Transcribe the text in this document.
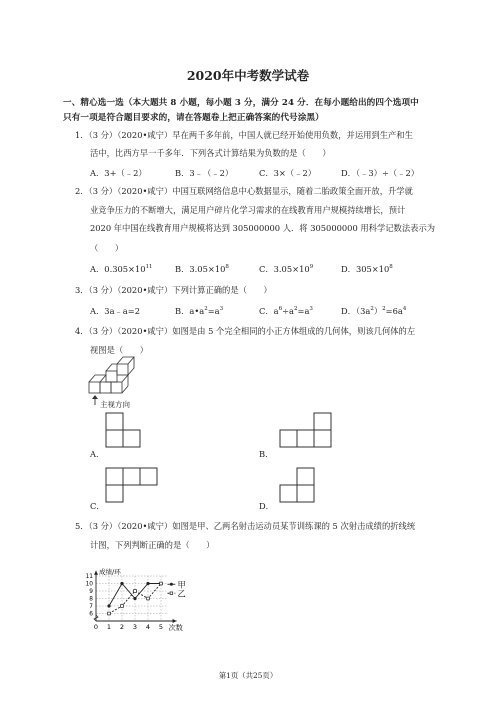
2020年中考数学试卷
一、精心选一选（本大题共 8 小题，每小题 3 分，满分 24 分．在每小题给出的四个选项中
只有一项是符合题目要求的，请在答题卷上把正确答案的代号涂黑）
1．（3 分）（2020•咸宁）早在两千多年前，中国人就已经开始使用负数，并运用到生产和生
活中，比西方早一千多年．下列各式计算结果为负数的是（　　）
A．3+（﹣2）	B．3﹣（﹣2）	C．3×（﹣2）	D．（﹣3）÷（﹣2）
2．（3 分）（2020•咸宁）中国互联网络信息中心数据显示，随着二胎政策全面开放，升学就
业竞争压力的不断增大，满足用户碎片化学习需求的在线教育用户规模持续增长，预计
2020 年中国在线教育用户规模将达到 305000000 人．将 305000000 用科学记数法表示为
（　　）
A．$0.305\times 10^{11}$	B．$3.05\times 10^8$	C．$3.05\times 10^9$	D．$305\times 10^8$
3．（3 分）（2020•咸宁）下列计算正确的是（　　）
A．3a﹣a=2	B．$a•a^2=a^3$	C．$a^6\div a^2=a^3$	D．$(3a^2)^2=6a^4$
4．（3 分）（2020•咸宁）如图是由 5 个完全相同的小正方体组成的几何体，则该几何体的左
视图是（　　）
主视方向
A．	B．
C．	D．
5．（3 分）（2020•咸宁）如图是甲、乙两名射击运动员某节训练课的 5 次射击成绩的折线统
计图，下列判断正确的是（　　）
6
7
8
9
10
11
0 1 2 3 4 5
成绩/环
次数
甲
乙
第1页（共25页）
